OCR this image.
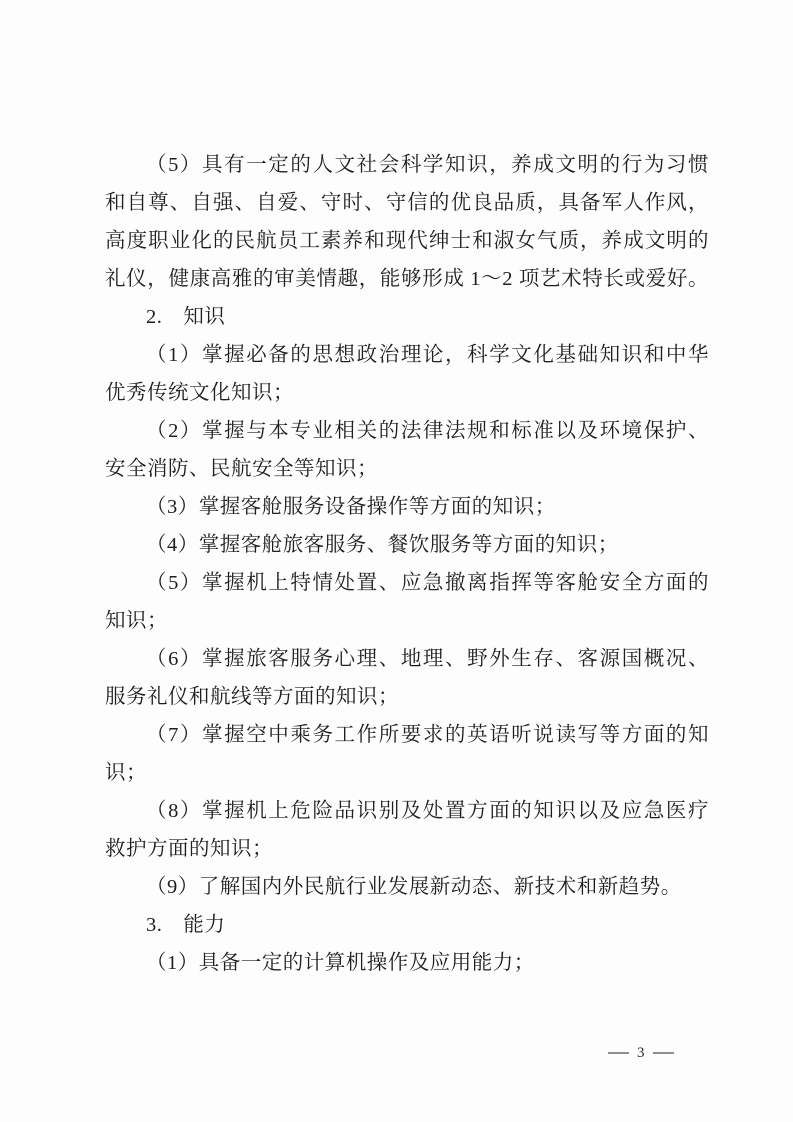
（5）具有一定的人文社会科学知识，养成文明的行为习惯
和自尊、自强、自爱、守时、守信的优良品质，具备军人作风，
高度职业化的民航员工素养和现代绅士和淑女气质，养成文明的
礼仪，健康高雅的审美情趣，能够形成 1～2 项艺术特长或爱好。
2.　知识
（1）掌握必备的思想政治理论，科学文化基础知识和中华
优秀传统文化知识；
（2）掌握与本专业相关的法律法规和标准以及环境保护、
安全消防、民航安全等知识；
（3）掌握客舱服务设备操作等方面的知识；
（4）掌握客舱旅客服务、餐饮服务等方面的知识；
（5）掌握机上特情处置、应急撤离指挥等客舱安全方面的
知识；
（6）掌握旅客服务心理、地理、野外生存、客源国概况、
服务礼仪和航线等方面的知识；
（7）掌握空中乘务工作所要求的英语听说读写等方面的知
识；
（8）掌握机上危险品识别及处置方面的知识以及应急医疗
救护方面的知识；
（9）了解国内外民航行业发展新动态、新技术和新趋势。
3.　能力
（1）具备一定的计算机操作及应用能力；
3
